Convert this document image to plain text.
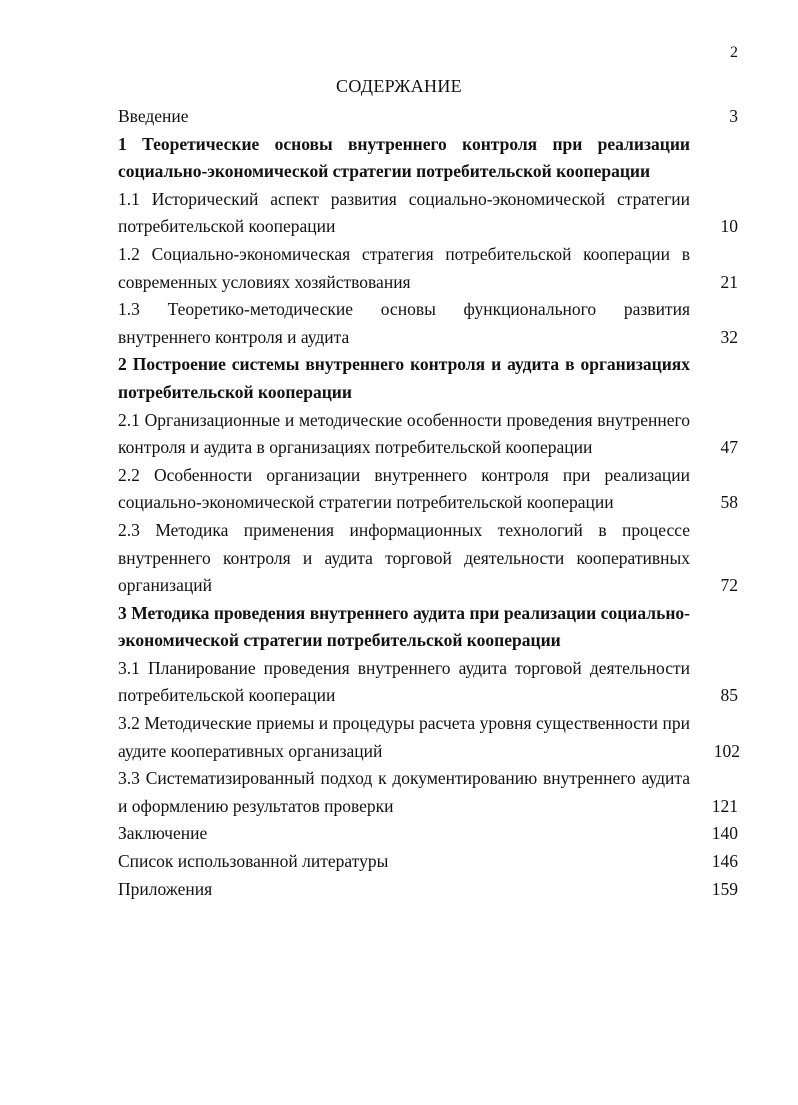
2
СОДЕРЖАНИЕ
Введение	3
1 Теоретические основы внутреннего контроля при реализации социально-экономической стратегии потребительской кооперации
1.1 Исторический аспект развития социально-экономической стратегии потребительской кооперации	10
1.2 Социально-экономическая стратегия потребительской кооперации в современных условиях хозяйствования	21
1.3 Теоретико-методические основы функционального развития внутреннего контроля и аудита	32
2 Построение системы внутреннего контроля и аудита в организациях потребительской кооперации
2.1 Организационные и методические особенности проведения внутреннего контроля и аудита в организациях потребительской кооперации	47
2.2 Особенности организации внутреннего контроля при реализации социально-экономической стратегии потребительской кооперации	58
2.3 Методика применения информационных технологий в процессе внутреннего контроля и аудита торговой деятельности кооперативных организаций	72
3 Методика проведения внутреннего аудита при реализации социально-экономической стратегии потребительской кооперации
3.1 Планирование проведения внутреннего аудита торговой деятельности потребительской кооперации	85
3.2 Методические приемы и процедуры расчета уровня существенности при аудите кооперативных организаций	102
3.3 Систематизированный подход к документированию внутреннего аудита и оформлению результатов проверки	121
Заключение	140
Список использованной литературы	146
Приложения	159
